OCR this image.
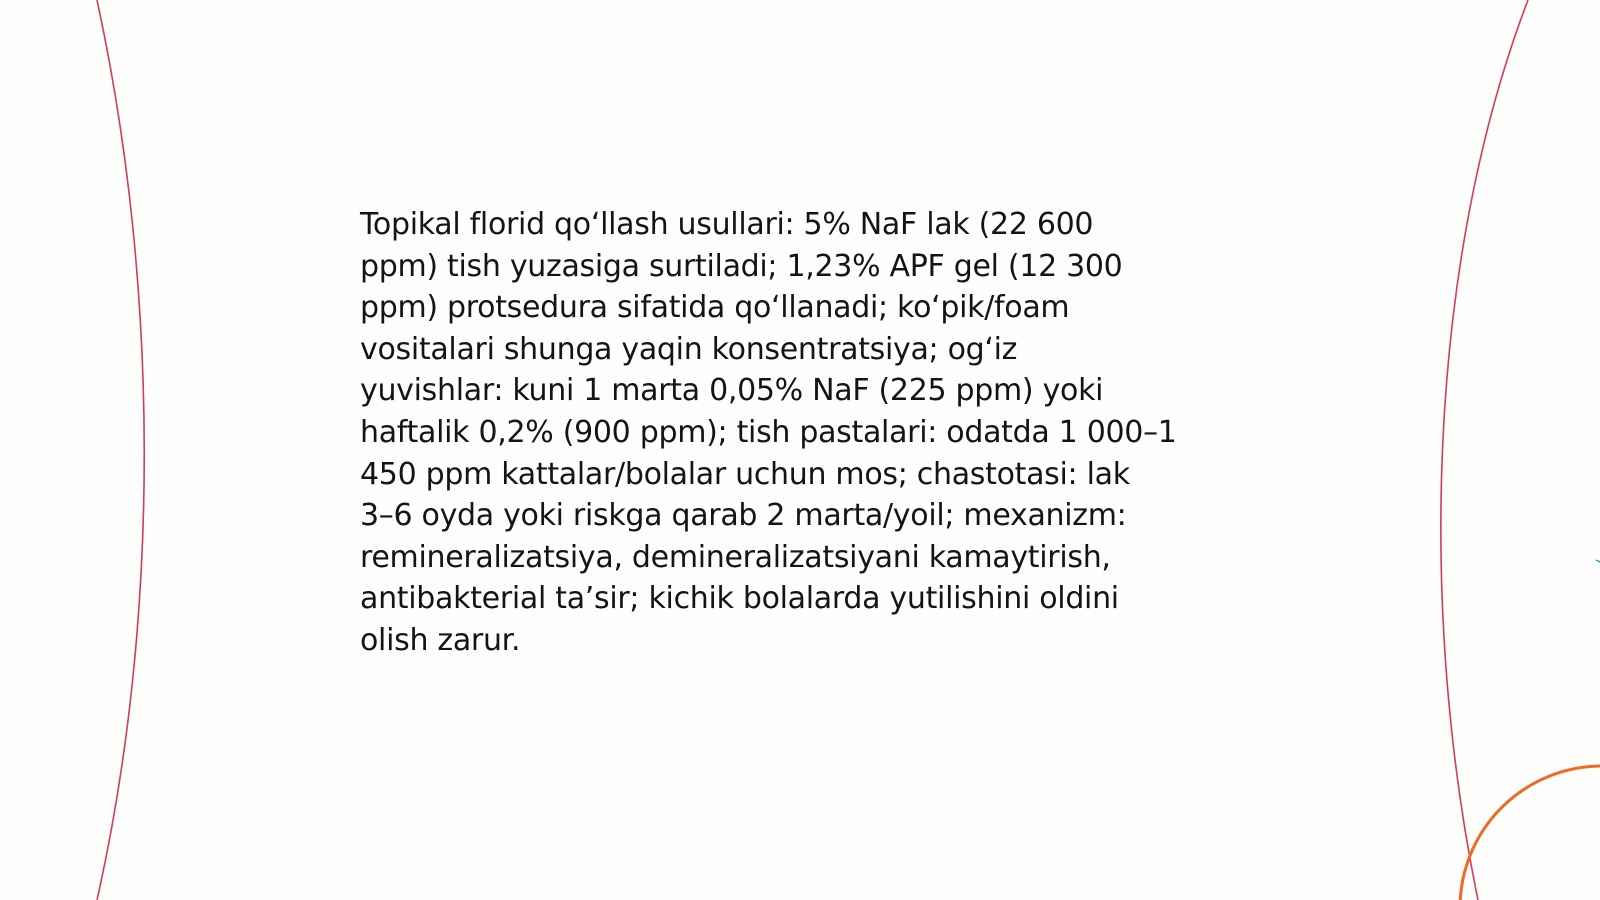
Topikal florid qo‘llash usullari: 5% NaF lak (22 600
ppm) tish yuzasiga surtiladi; 1,23% APF gel (12 300
ppm) protsedura sifatida qo‘llanadi; ko‘pik/foam
vositalari shunga yaqin konsentratsiya; og‘iz
yuvishlar: kuni 1 marta 0,05% NaF (225 ppm) yoki
haftalik 0,2% (900 ppm); tish pastalari: odatda 1 000–1
450 ppm kattalar/bolalar uchun mos; chastotasi: lak
3–6 oyda yoki riskga qarab 2 marta/yoil; mexanizm:
remineralizatsiya, demineralizatsiyani kamaytirish,
antibakterial ta’sir; kichik bolalarda yutilishini oldini
olish zarur.
